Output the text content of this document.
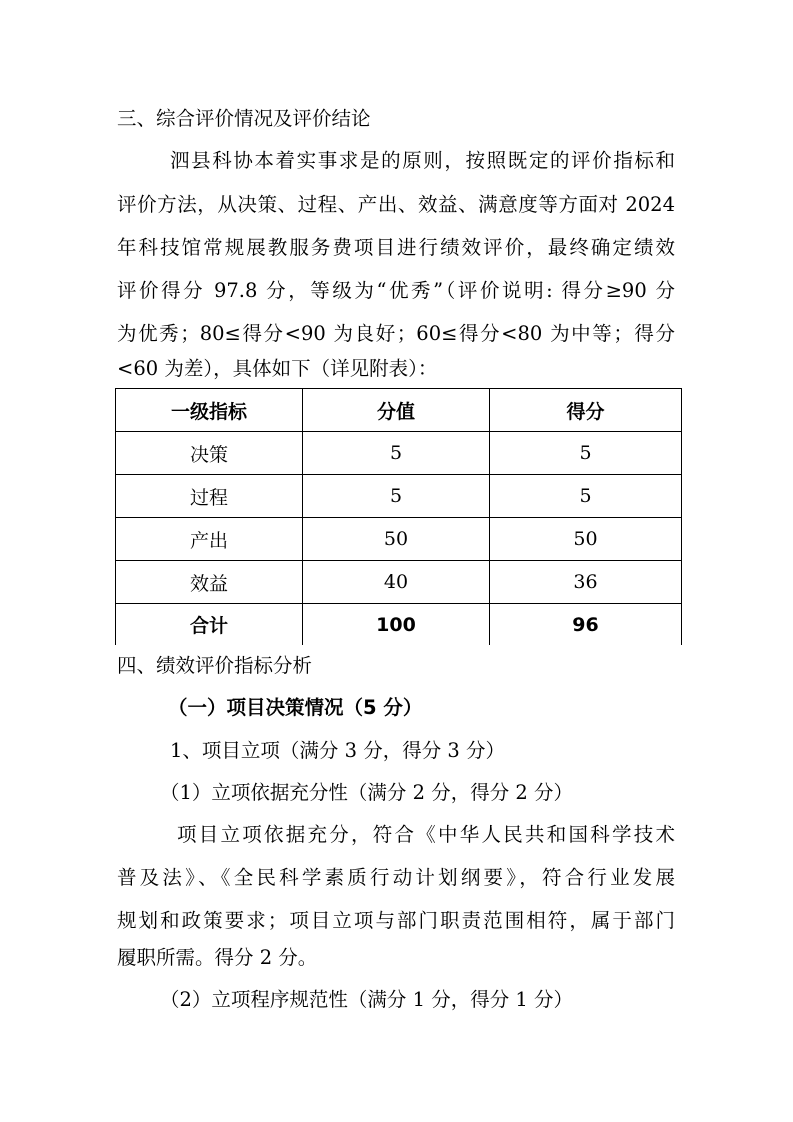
三、综合评价情况及评价结论
泗县科协本着实事求是的原则，按照既定的评价指标和
评价方法，从决策、过程、产出、效益、满意度等方面对 2024
年科技馆常规展教服务费项目进行绩效评价，最终确定绩效
评价得分 97.8 分，等级为“优秀”（评价说明: 得分≥90 分
为优秀；80≤得分<90 为良好；60≤得分<80 为中等；得分
<60 为差），具体如下（详见附表）：
一级指标	分值	得分
决策	5	5
过程	5	5
产出	50	50
效益	40	36
合计	100	96
四、绩效评价指标分析
（一）项目决策情况（5 分）
1、项目立项（满分 3 分，得分 3 分）
（1）立项依据充分性（满分 2 分，得分 2 分）
项目立项依据充分，符合《中华人民共和国科学技术
普及法》、《全民科学素质行动计划纲要》，符合行业发展
规划和政策要求；项目立项与部门职责范围相符，属于部门
履职所需。得分 2 分。
（2）立项程序规范性（满分 1 分，得分 1 分）
